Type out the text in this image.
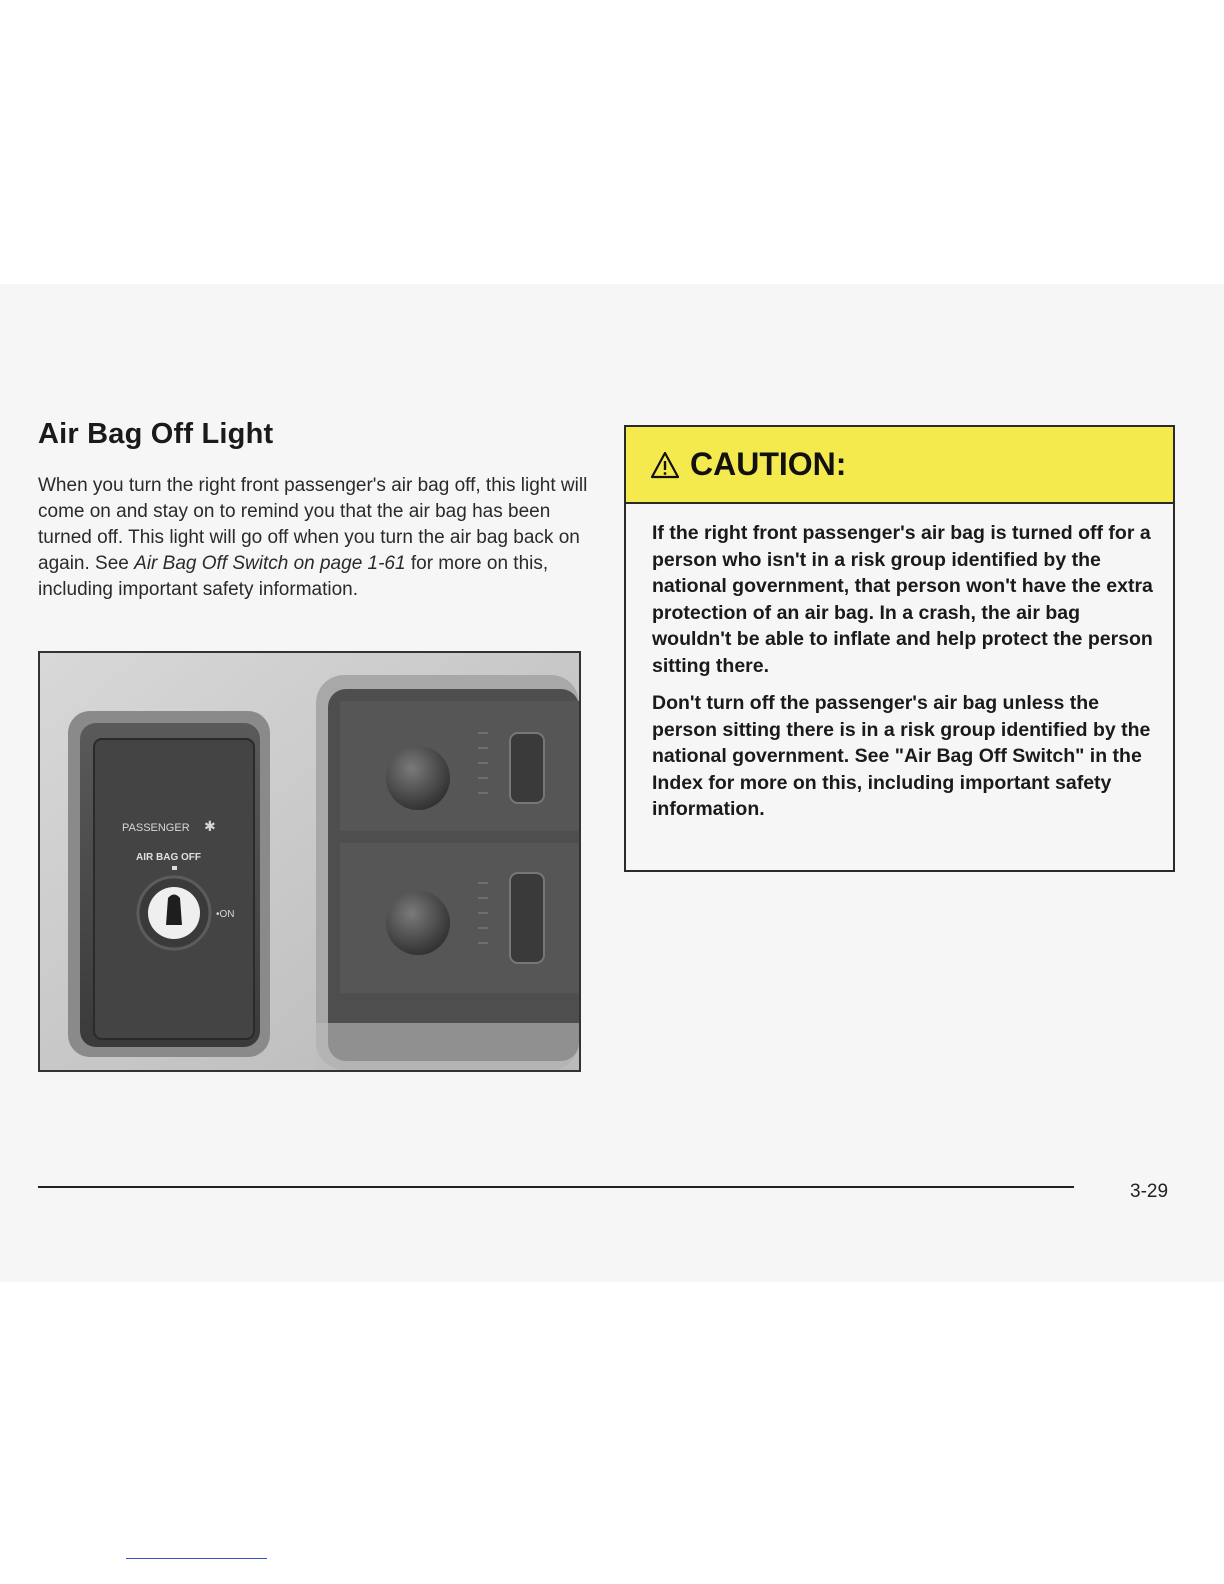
Air Bag Off Light
When you turn the right front passenger's air bag off, this light will come on and stay on to remind you that the air bag has been turned off. This light will go off when you turn the air bag back on again. See Air Bag Off Switch on page 1-61 for more on this, including important safety information.
PASSENGER ✱
AIR BAG OFF
•ON
CAUTION:

If the right front passenger's air bag is turned off for a person who isn't in a risk group identified by the national government, that person won't have the extra protection of an air bag. In a crash, the air bag wouldn't be able to inflate and help protect the person sitting there.

Don't turn off the passenger's air bag unless the person sitting there is in a risk group identified by the national government. See "Air Bag Off Switch" in the Index for more on this, including important safety information.

3-29
